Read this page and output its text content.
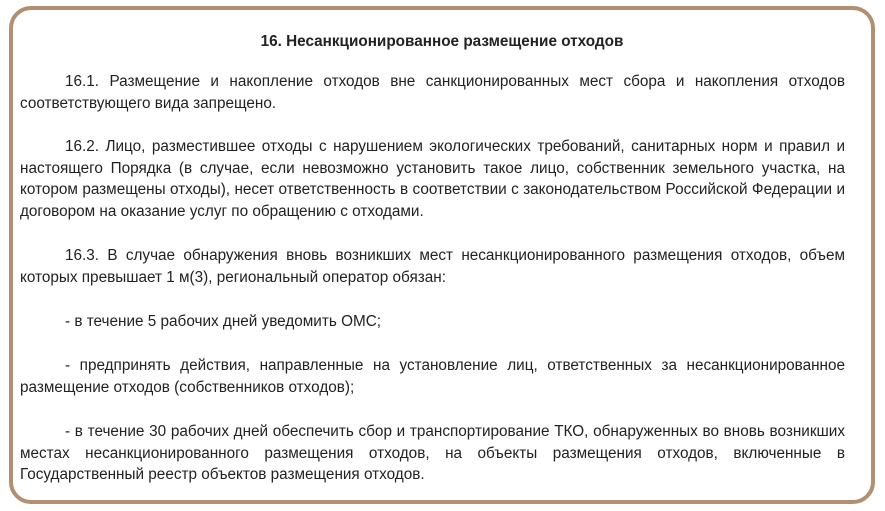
16. Несанкционированное размещение отходов

16.1. Размещение и накопление отходов вне санкционированных мест сбора и накопления отходов соответствующего вида запрещено.

16.2. Лицо, разместившее отходы с нарушением экологических требований, санитарных норм и правил и настоящего Порядка (в случае, если невозможно установить такое лицо, собственник земельного участка, на котором размещены отходы), несет ответственность в соответствии с законодательством Российской Федерации и договором на оказание услуг по обращению с отходами.

16.3. В случае обнаружения вновь возникших мест несанкционированного размещения отходов, объем которых превышает 1 м(3), региональный оператор обязан:

- в течение 5 рабочих дней уведомить ОМС;

- предпринять действия, направленные на установление лиц, ответственных за несанкционированное размещение отходов (собственников отходов);

- в течение 30 рабочих дней обеспечить сбор и транспортирование ТКО, обнаруженных во вновь возникших местах несанкционированного размещения отходов, на объекты размещения отходов, включенные в Государственный реестр объектов размещения отходов.
